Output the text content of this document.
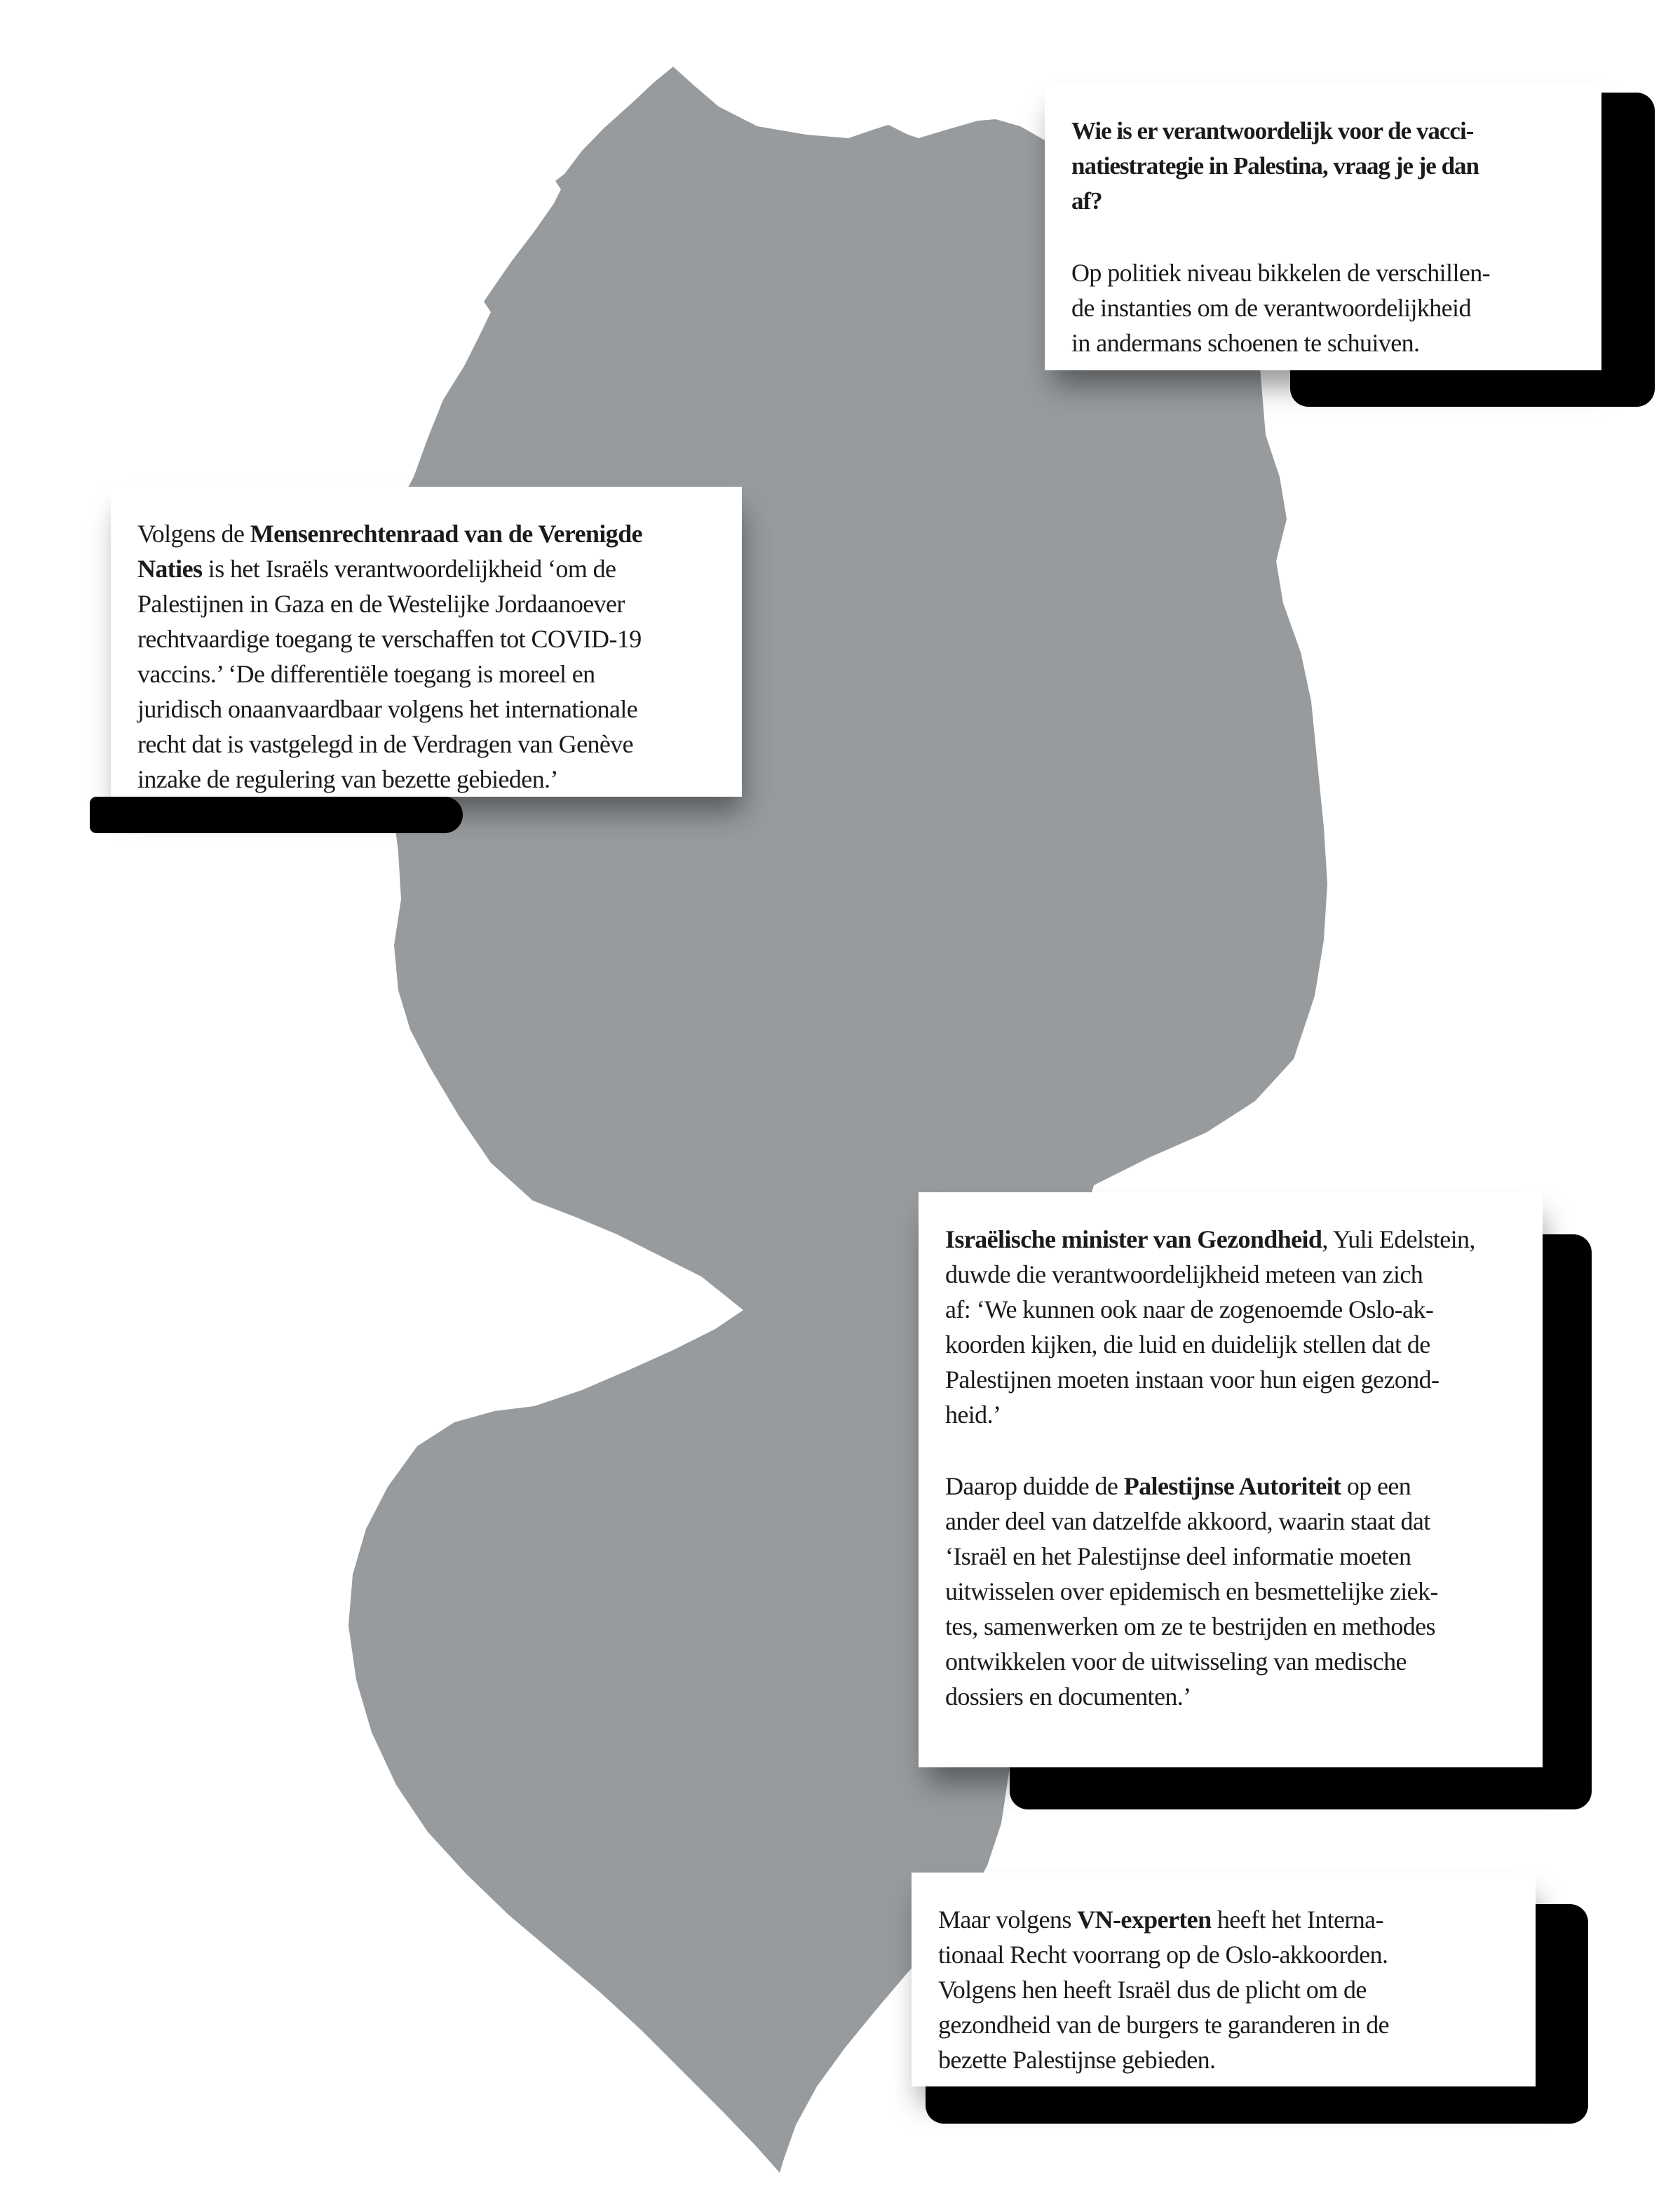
Wie is er verantwoordelijk voor de vacci-
natiestrategie in Palestina, vraag je je dan
af?
Op politiek niveau bikkelen de verschillen-
de instanties om de verantwoordelijkheid
in andermans schoenen te schuiven.
Volgens de Mensenrechtenraad van de Verenigde
Naties is het Israëls verantwoordelijkheid ‘om de
Palestijnen in Gaza en de Westelijke Jordaanoever
rechtvaardige toegang te verschaffen tot COVID-19
vaccins.’ ‘De differentiële toegang is moreel en
juridisch onaanvaardbaar volgens het internationale
recht dat is vastgelegd in de Verdragen van Genève
inzake de regulering van bezette gebieden.’
Israëlische minister van Gezondheid, Yuli Edelstein,
duwde die verantwoordelijkheid meteen van zich
af: ‘We kunnen ook naar de zogenoemde Oslo-ak-
koorden kijken, die luid en duidelijk stellen dat de
Palestijnen moeten instaan voor hun eigen gezond-
heid.’
Daarop duidde de Palestijnse Autoriteit op een
ander deel van datzelfde akkoord, waarin staat dat
‘Israël en het Palestijnse deel informatie moeten
uitwisselen over epidemisch en besmettelijke ziek-
tes, samenwerken om ze te bestrijden en methodes
ontwikkelen voor de uitwisseling van medische
dossiers en documenten.’
Maar volgens VN-experten heeft het Interna-
tionaal Recht voorrang op de Oslo-akkoorden.
Volgens hen heeft Israël dus de plicht om de
gezondheid van de burgers te garanderen in de
bezette Palestijnse gebieden.
